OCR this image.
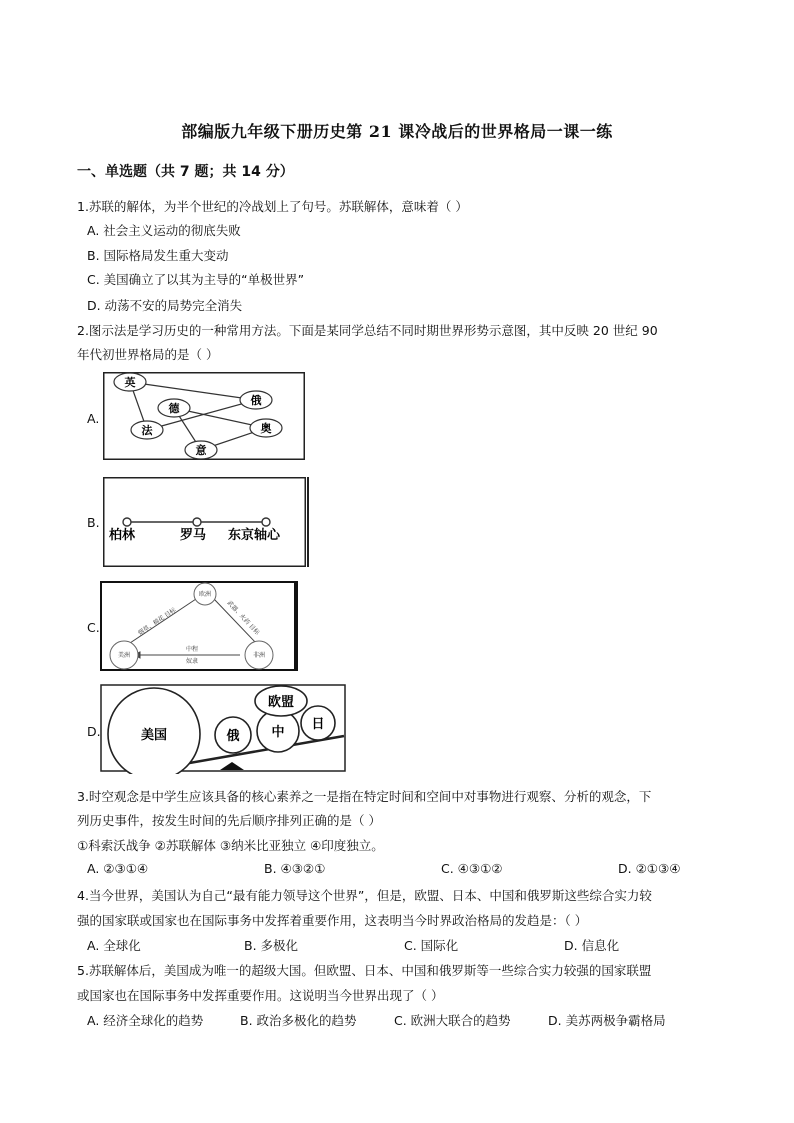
部编版九年级下册历史第 21 课冷战后的世界格局一课一练
一、单选题（共 7 题；共 14 分）
1.苏联的解体，为半个世纪的冷战划上了句号。苏联解体，意味着（ ）
A. 社会主义运动的彻底失败
B. 国际格局发生重大变动
C. 美国确立了以其为主导的“单极世界”
D. 动荡不安的局势完全消失
2.图示法是学习历史的一种常用方法。下面是某同学总结不同时期世界形势示意图，其中反映 20 世纪 90
年代初世界格局的是（ ）
A.
英
德
俄
法	奥
意
B.
柏林	罗马 东京轴心
C.
欧洲
美洲	非洲
烟草、棉花 目标	武器、火药 目标
中程
奴隶
D.	美国	俄 中
欧盟
日
3.时空观念是中学生应该具备的核心素养之一是指在特定时间和空间中对事物进行观察、分析的观念，下
列历史事件，按发生时间的先后顺序排列正确的是（ ）
①科索沃战争 ②苏联解体 ③纳米比亚独立 ④印度独立。
A. ②③①④	B. ④③②①	C. ④③①②	D. ②①③④
4.当今世界，美国认为自己“最有能力领导这个世界”，但是，欧盟、日本、中国和俄罗斯这些综合实力较
强的国家联或国家也在国际事务中发挥着重要作用，这表明当今时界政治格局的发趋是：（ ）
A. 全球化	B. 多极化	C. 国际化	D. 信息化
5.苏联解体后，美国成为唯一的超级大国。但欧盟、日本、中国和俄罗斯等一些综合实力较强的国家联盟
或国家也在国际事务中发挥重要作用。这说明当今世界出现了（ ）
A. 经济全球化的趋势	B. 政治多极化的趋势	C. 欧洲大联合的趋势	D. 美苏两极争霸格局
